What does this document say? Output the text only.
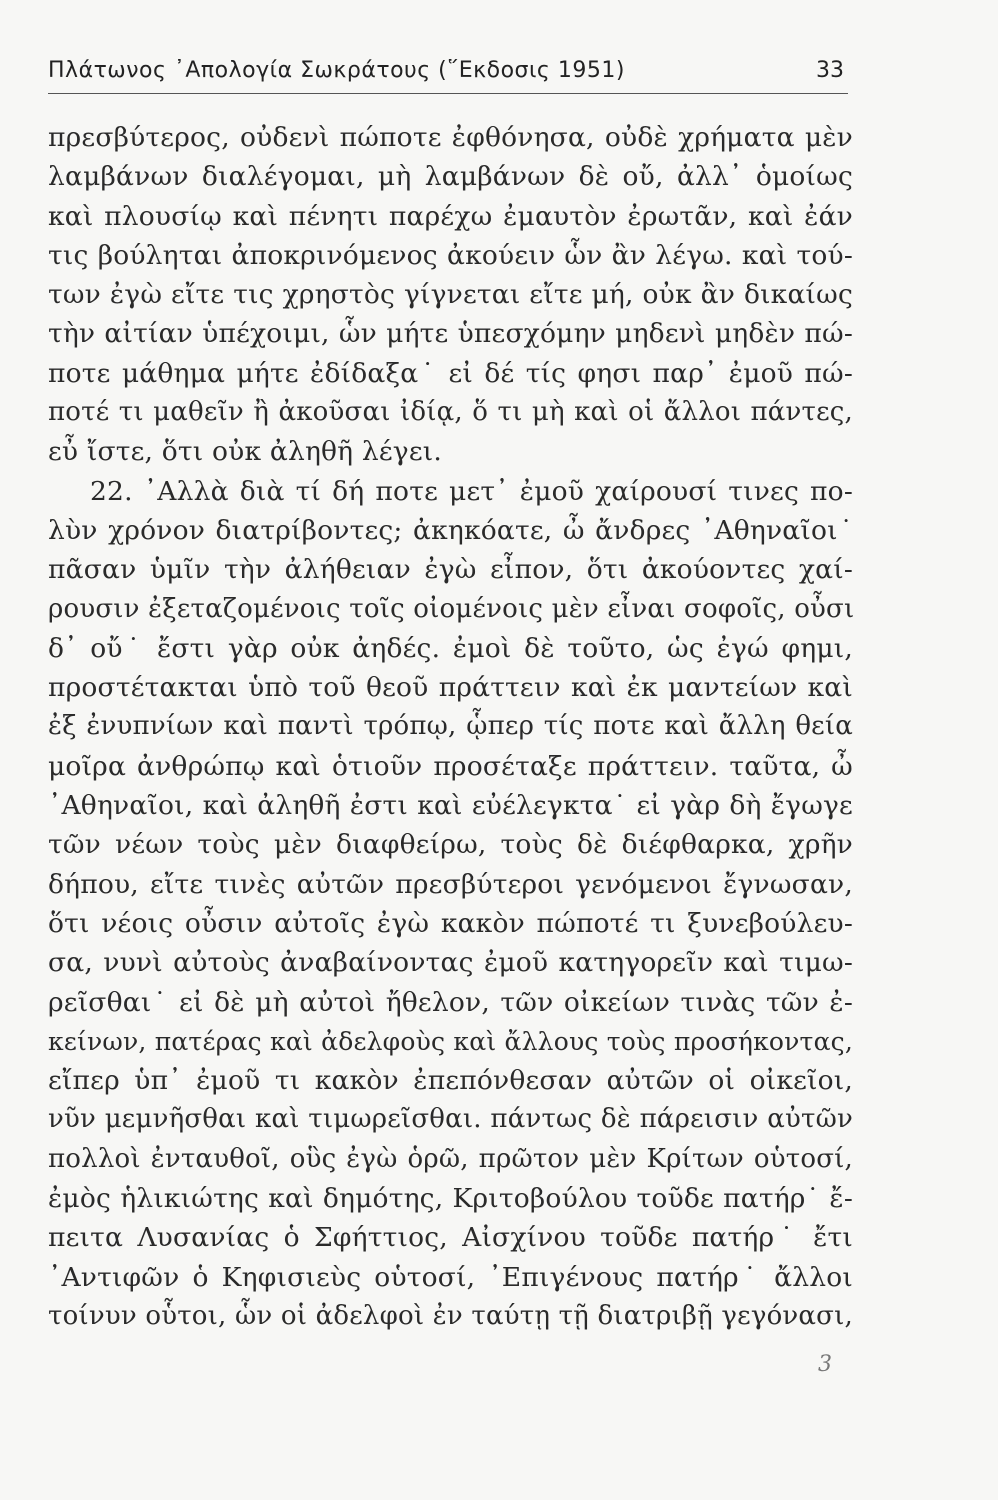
Πλάτωνος ᾿Απολογία Σωκράτους (῞Εκδοσις 1951)	33
πρεσβύτερος, οὐδενὶ πώποτε ἐφθόνησα, οὐδὲ χρήματα μὲν
λαμβάνων διαλέγομαι, μὴ λαμβάνων δὲ οὔ, ἀλλ᾿ ὁμοίως
καὶ πλουσίῳ καὶ πένητι παρέχω ἐμαυτὸν ἐρωτᾶν, καὶ ἐάν
τις βούληται ἀποκρινόμενος ἀκούειν ὧν ἂν λέγω. καὶ τού-
των ἐγὼ εἴτε τις χρηστὸς γίγνεται εἴτε μή, οὐκ ἂν δικαίως
τὴν αἰτίαν ὑπέχοιμι, ὧν μήτε ὑπεσχόμην μηδενὶ μηδὲν πώ-
ποτε μάθημα μήτε ἐδίδαξα˙ εἰ δέ τίς φησι παρ᾿ ἐμοῦ πώ-
ποτέ τι μαθεῖν ἢ ἀκοῦσαι ἰδίᾳ, ὅ τι μὴ καὶ οἱ ἄλλοι πάντες,
εὖ ἴστε, ὅτι οὐκ ἀληθῆ λέγει.
22. ᾿Αλλὰ διὰ τί δή ποτε μετ᾿ ἐμοῦ χαίρουσί τινες πο-
λὺν χρόνον διατρίβοντες; ἀκηκόατε, ὦ ἄνδρες ᾿Αθηναῖοι˙
πᾶσαν ὑμῖν τὴν ἀλήθειαν ἐγὼ εἶπον, ὅτι ἀκούοντες χαί-
ρουσιν ἐξεταζομένοις τοῖς οἰομένοις μὲν εἶναι σοφοῖς, οὖσι
δ᾿ οὔ˙ ἔστι γὰρ οὐκ ἀηδές. ἐμοὶ δὲ τοῦτο, ὡς ἐγώ φημι,
προστέτακται ὑπὸ τοῦ θεοῦ πράττειν καὶ ἐκ μαντείων καὶ
ἐξ ἐνυπνίων καὶ παντὶ τρόπῳ, ᾧπερ τίς ποτε καὶ ἄλλη θεία
μοῖρα ἀνθρώπῳ καὶ ὁτιοῦν προσέταξε πράττειν. ταῦτα, ὦ
᾿Αθηναῖοι, καὶ ἀληθῆ ἐστι καὶ εὐέλεγκτα˙ εἰ γὰρ δὴ ἔγωγε
τῶν νέων τοὺς μὲν διαφθείρω, τοὺς δὲ διέφθαρκα, χρῆν
δήπου, εἴτε τινὲς αὐτῶν πρεσβύτεροι γενόμενοι ἔγνωσαν,
ὅτι νέοις οὖσιν αὐτοῖς ἐγὼ κακὸν πώποτέ τι ξυνεβούλευ-
σα, νυνὶ αὐτοὺς ἀναβαίνοντας ἐμοῦ κατηγορεῖν καὶ τιμω-
ρεῖσθαι˙ εἰ δὲ μὴ αὐτοὶ ἤθελον, τῶν οἰκείων τινὰς τῶν ἐ-
κείνων, πατέρας καὶ ἀδελφοὺς καὶ ἄλλους τοὺς προσήκοντας,
εἴπερ ὑπ᾿ ἐμοῦ τι κακὸν ἐπεπόνθεσαν αὐτῶν οἱ οἰκεῖοι,
νῦν μεμνῆσθαι καὶ τιμωρεῖσθαι. πάντως δὲ πάρεισιν αὐτῶν
πολλοὶ ἐνταυθοῖ, οὓς ἐγὼ ὁρῶ, πρῶτον μὲν Κρίτων οὑτοσί,
ἐμὸς ἡλικιώτης καὶ δημότης, Κριτοβούλου τοῦδε πατήρ˙ ἔ-
πειτα Λυσανίας ὁ Σφήττιος, Αἰσχίνου τοῦδε πατήρ˙ ἔτι
᾿Αντιφῶν ὁ Κηφισιεὺς οὑτοσί, ᾿Επιγένους πατήρ˙ ἄλλοι
τοίνυν οὗτοι, ὧν οἱ ἀδελφοὶ ἐν ταύτῃ τῇ διατριβῇ γεγόνασι,
3
